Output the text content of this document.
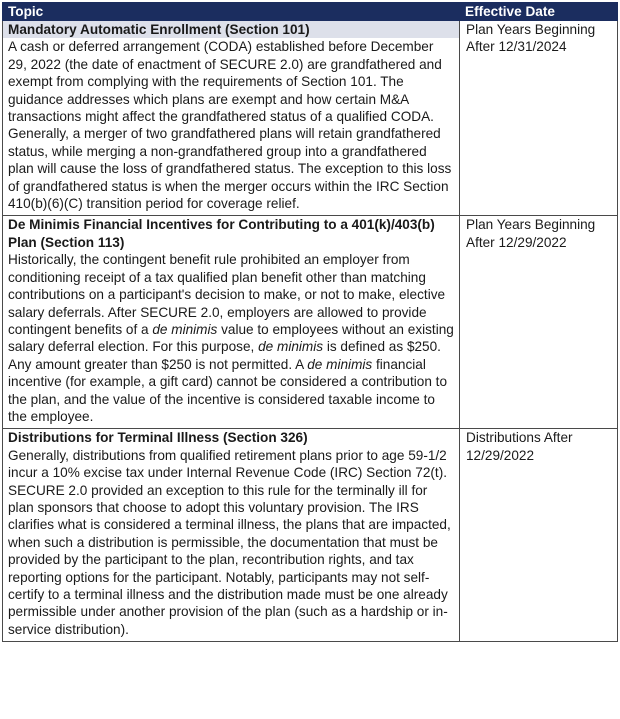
Topic	Effective Date

Mandatory Automatic Enrollment (Section 101)
A cash or deferred arrangement (CODA) established before December 29, 2022 (the date of enactment of SECURE 2.0) are grandfathered and exempt from complying with the requirements of Section 101. The guidance addresses which plans are exempt and how certain M&A transactions might affect the grandfathered status of a qualified CODA. Generally, a merger of two grandfathered plans will retain grandfathered status, while merging a non-grandfathered group into a grandfathered plan will cause the loss of grandfathered status. The exception to this loss of grandfathered status is when the merger occurs within the IRC Section 410(b)(6)(C) transition period for coverage relief.	Plan Years Beginning After 12/31/2024

De Minimis Financial Incentives for Contributing to a 401(k)/403(b) Plan (Section 113)
Historically, the contingent benefit rule prohibited an employer from conditioning receipt of a tax qualified plan benefit other than matching contributions on a participant's decision to make, or not to make, elective salary deferrals. After SECURE 2.0, employers are allowed to provide contingent benefits of a de minimis value to employees without an existing salary deferral election. For this purpose, de minimis is defined as $250. Any amount greater than $250 is not permitted. A de minimis financial incentive (for example, a gift card) cannot be considered a contribution to the plan, and the value of the incentive is considered taxable income to the employee.	Plan Years Beginning After 12/29/2022

Distributions for Terminal Illness (Section 326)
Generally, distributions from qualified retirement plans prior to age 59-1/2 incur a 10% excise tax under Internal Revenue Code (IRC) Section 72(t). SECURE 2.0 provided an exception to this rule for the terminally ill for plan sponsors that choose to adopt this voluntary provision. The IRS clarifies what is considered a terminal illness, the plans that are impacted, when such a distribution is permissible, the documentation that must be provided by the participant to the plan, recontribution rights, and tax reporting options for the participant. Notably, participants may not self-certify to a terminal illness and the distribution made must be one already permissible under another provision of the plan (such as a hardship or in-service distribution).	Distributions After 12/29/2022
